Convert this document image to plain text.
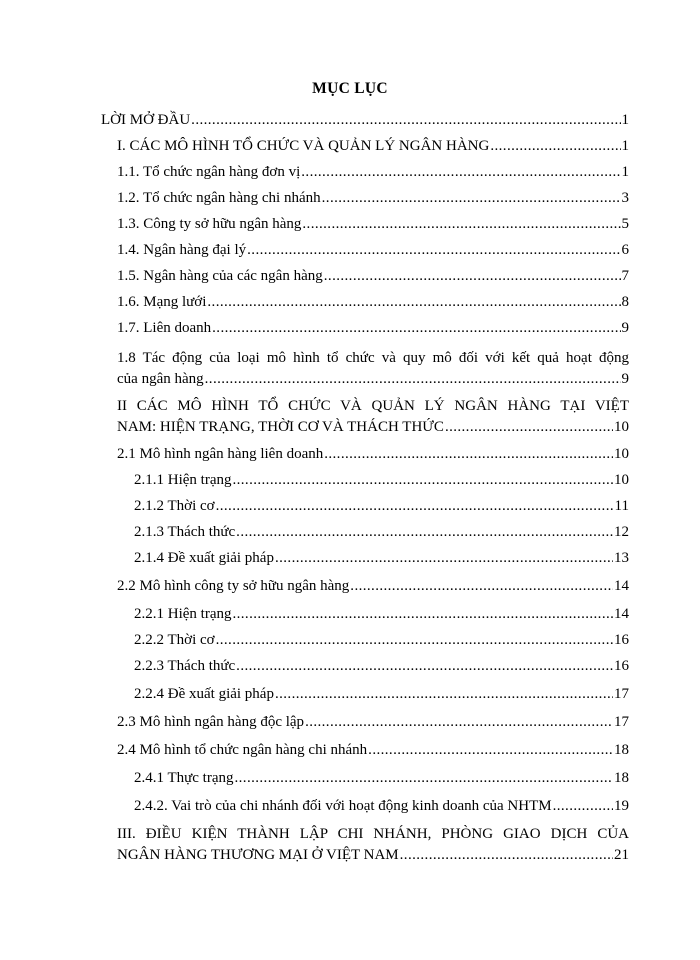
MỤC LỤC
LỜI MỞ ĐẦU .....	1
I. CÁC MÔ HÌNH TỔ CHỨC VÀ QUẢN LÝ NGÂN HÀNG .....	1
1.1. Tổ chức ngân hàng đơn vị .....	1
1.2. Tổ chức ngân hàng chi nhánh .....	3
1.3. Công ty sở hữu ngân hàng .....	5
1.4. Ngân hàng đại lý .....	6
1.5. Ngân hàng của các ngân hàng .....	7
1.6. Mạng lưới .....	8
1.7. Liên doanh .....	9
1.8 Tác động của loại mô hình tổ chức và quy mô đối với kết quả hoạt động
của ngân hàng .....	9
II CÁC MÔ HÌNH TỔ CHỨC VÀ QUẢN LÝ NGÂN HÀNG TẠI VIỆT
NAM: HIỆN TRẠNG, THỜI CƠ VÀ THÁCH THỨC .....	10
2.1 Mô hình ngân hàng liên doanh .....	10
2.1.1 Hiện trạng .....	10
2.1.2 Thời cơ .....	11
2.1.3 Thách thức .....	12
2.1.4 Đề xuất giải pháp .....	13
2.2 Mô hình công ty sở hữu ngân hàng .....	14
2.2.1 Hiện trạng .....	14
2.2.2 Thời cơ .....	16
2.2.3 Thách thức .....	16
2.2.4 Đề xuất giải pháp .....	17
2.3 Mô hình ngân hàng độc lập .....	17
2.4 Mô hình tổ chức ngân hàng chi nhánh .....	18
2.4.1 Thực trạng .....	18
2.4.2. Vai trò của chi nhánh đối với hoạt động kinh doanh của NHTM .....	19
III. ĐIỀU KIỆN THÀNH LẬP CHI NHÁNH, PHÒNG GIAO DỊCH CỦA
NGÂN HÀNG THƯƠNG MẠI Ở VIỆT NAM .....	21
